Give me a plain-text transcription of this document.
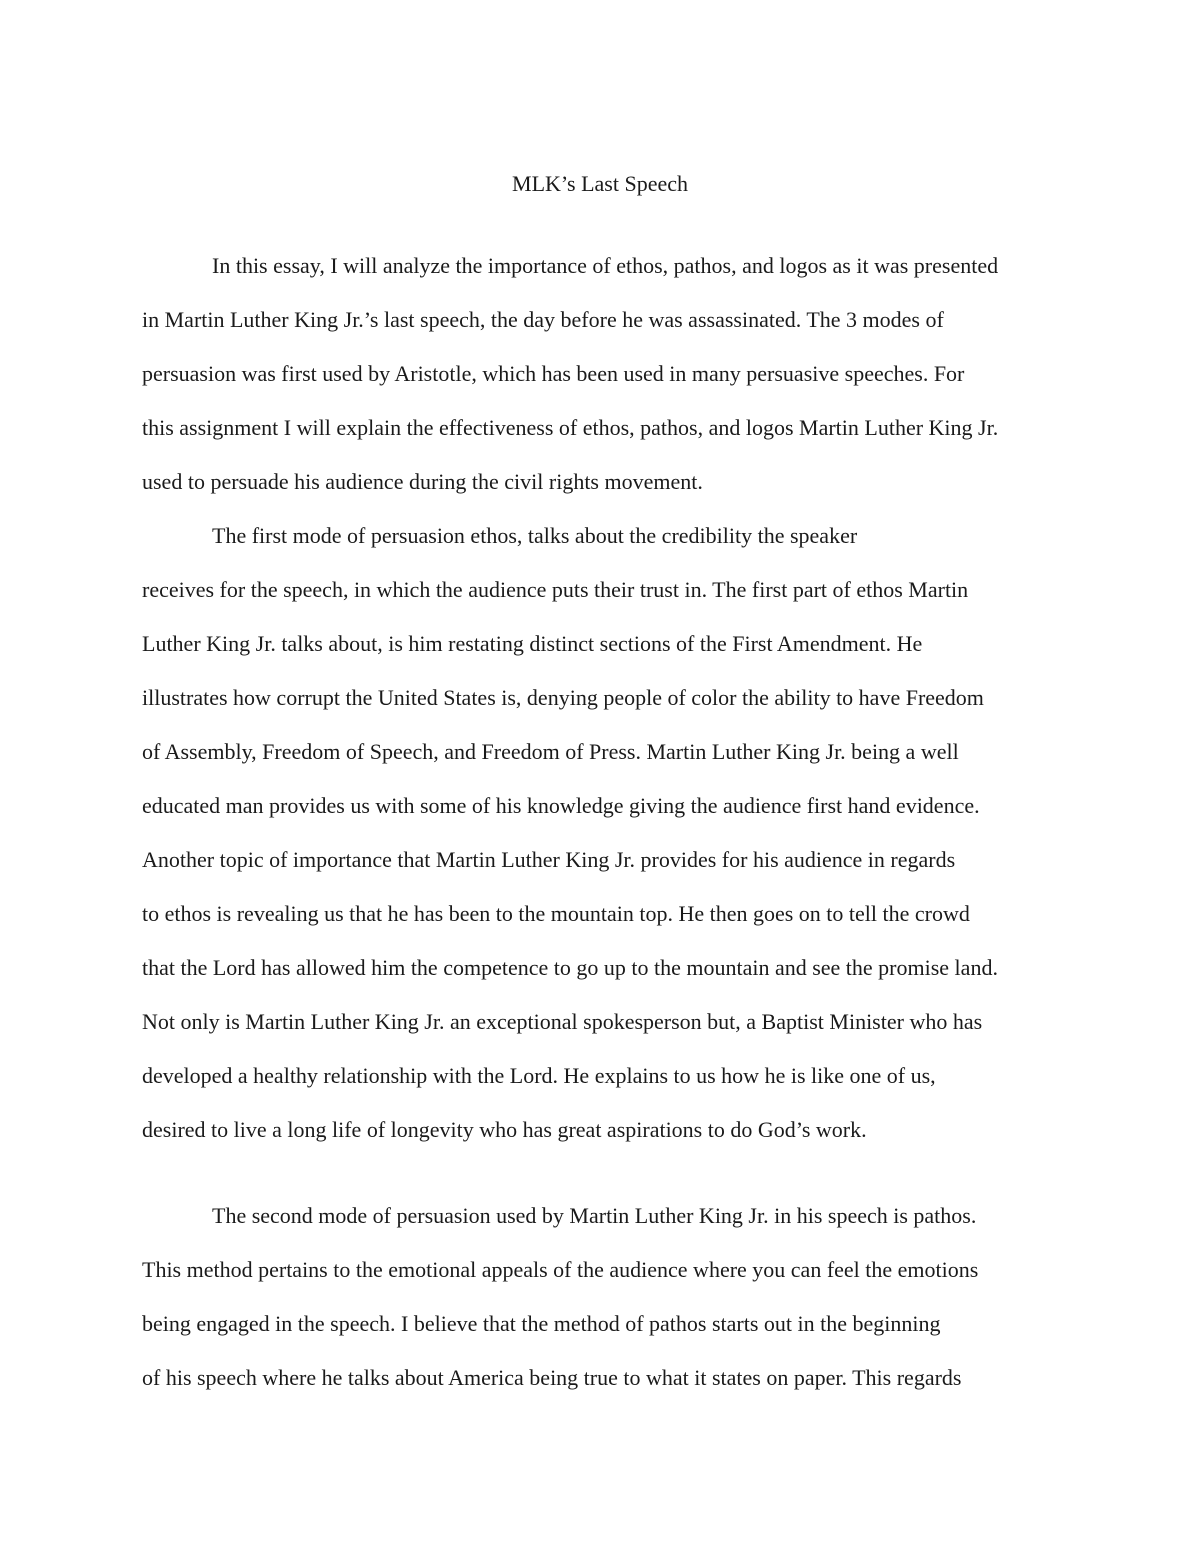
MLK’s Last Speech
In this essay, I will analyze the importance of ethos, pathos, and logos as it was presented
in Martin Luther King Jr.’s last speech, the day before he was assassinated. The 3 modes of
persuasion was first used by Aristotle, which has been used in many persuasive speeches. For
this assignment I will explain the effectiveness of ethos, pathos, and logos Martin Luther King Jr.
used to persuade his audience during the civil rights movement.
The first mode of persuasion ethos, talks about the credibility the speaker
receives for the speech, in which the audience puts their trust in. The first part of ethos Martin
Luther King Jr. talks about, is him restating distinct sections of the First Amendment. He
illustrates how corrupt the United States is, denying people of color the ability to have Freedom
of Assembly, Freedom of Speech, and Freedom of Press. Martin Luther King Jr. being a well
educated man provides us with some of his knowledge giving the audience first hand evidence.
Another topic of importance that Martin Luther King Jr. provides for his audience in regards
to ethos is revealing us that he has been to the mountain top. He then goes on to tell the crowd
that the Lord has allowed him the competence to go up to the mountain and see the promise land.
Not only is Martin Luther King Jr. an exceptional spokesperson but, a Baptist Minister who has
developed a healthy relationship with the Lord. He explains to us how he is like one of us,
desired to live a long life of longevity who has great aspirations to do God’s work.
The second mode of persuasion used by Martin Luther King Jr. in his speech is pathos.
This method pertains to the emotional appeals of the audience where you can feel the emotions
being engaged in the speech. I believe that the method of pathos starts out in the beginning
of his speech where he talks about America being true to what it states on paper. This regards
